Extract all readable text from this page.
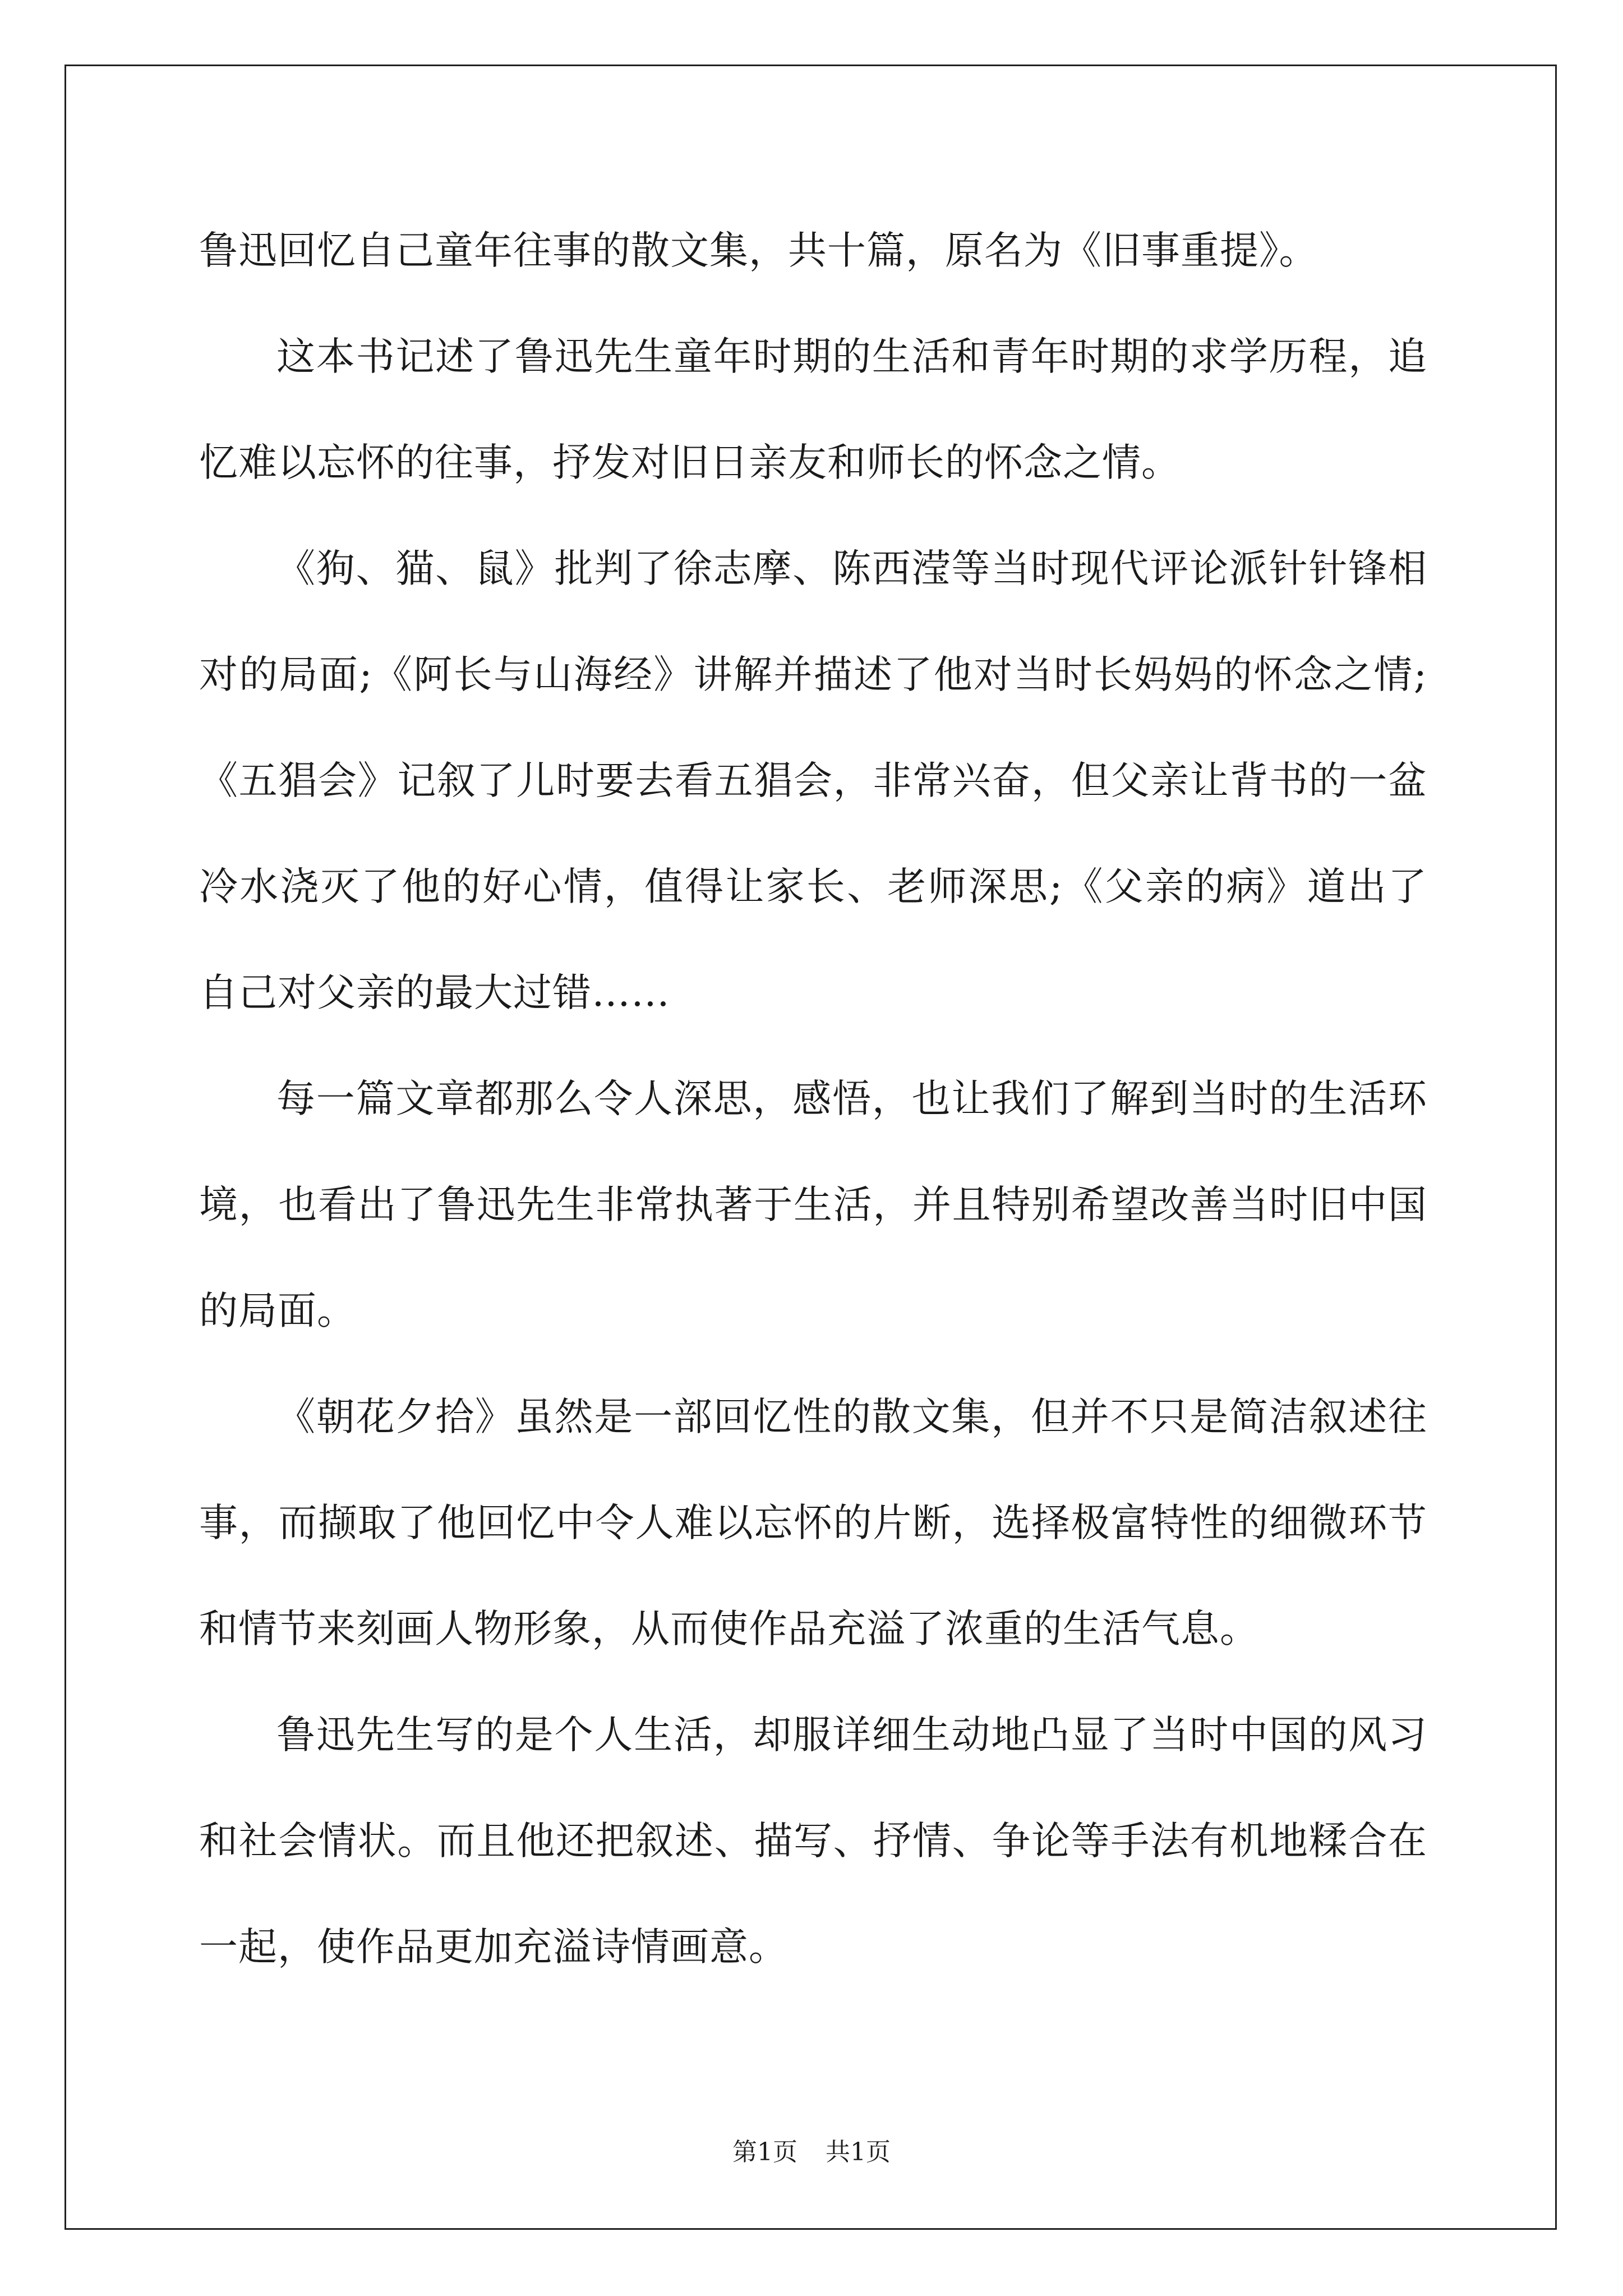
鲁迅回忆自己童年往事的散文集，共十篇，原名为《旧事重提》。

这本书记述了鲁迅先生童年时期的生活和青年时期的求学历程，追忆难以忘怀的往事，抒发对旧日亲友和师长的怀念之情。

《狗、猫、鼠》批判了徐志摩、陈西滢等当时现代评论派针针锋相对的局面;《阿长与山海经》讲解并描述了他对当时长妈妈的怀念之情;《五猖会》记叙了儿时要去看五猖会，非常兴奋，但父亲让背书的一盆冷水浇灭了他的好心情，值得让家长、老师深思;《父亲的病》道出了自己对父亲的最大过错……

每一篇文章都那么令人深思，感悟，也让我们了解到当时的生活环境，也看出了鲁迅先生非常执著于生活，并且特别希望改善当时旧中国的局面。

《朝花夕拾》虽然是一部回忆性的散文集，但并不只是简洁叙述往事，而撷取了他回忆中令人难以忘怀的片断，选择极富特性的细微环节和情节来刻画人物形象，从而使作品充溢了浓重的生活气息。

鲁迅先生写的是个人生活，却服详细生动地凸显了当时中国的风习和社会情状。而且他还把叙述、描写、抒情、争论等手法有机地糅合在一起，使作品更加充溢诗情画意。

第1页 共1页
